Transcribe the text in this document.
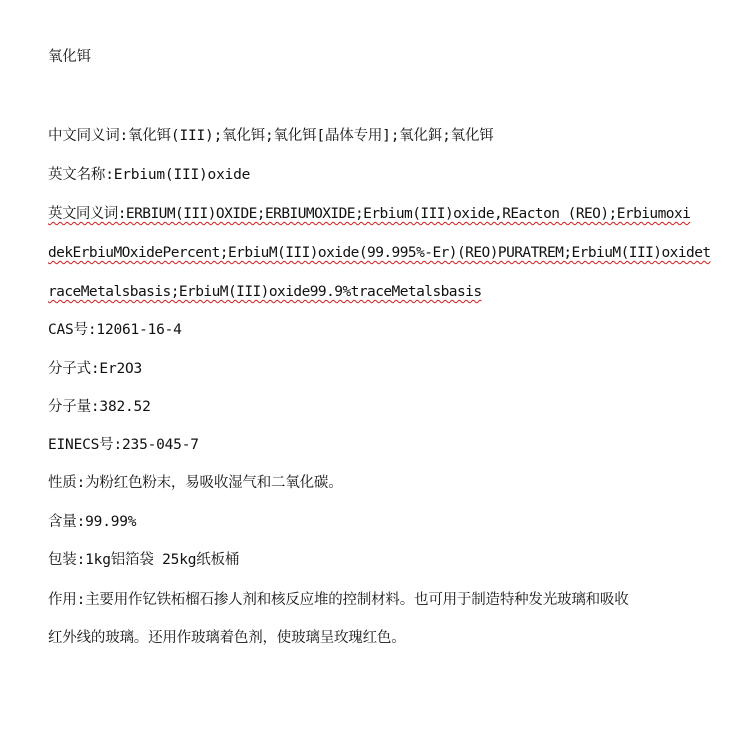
氧化铒
中文同义词:氧化铒(III);氧化铒;氧化铒[晶体专用];氧化鉺;氧化铒
英文名称:Erbium(III)oxide
英文同义词:ERBIUM(III)OXIDE;ERBIUMOXIDE;Erbium(III)oxide,REacton (REO);Erbiumoxi
dekErbiuMOxidePercent;ErbiuM(III)oxide(99.995%-Er)(REO)PURATREM;ErbiuM(III)oxidet
raceMetalsbasis;ErbiuM(III)oxide99.9%traceMetalsbasis
CAS号:12061-16-4
分子式:Er2O3
分子量:382.52
EINECS号:235-045-7
性质:为粉红色粉末，易吸收湿气和二氧化碳。
含量:99.99%
包装:1kg铝箔袋 25kg纸板桶
作用:主要用作钇铁柘榴石掺人剂和核反应堆的控制材料。也可用于制造特种发光玻璃和吸收
红外线的玻璃。还用作玻璃着色剂，使玻璃呈玫瑰红色。
